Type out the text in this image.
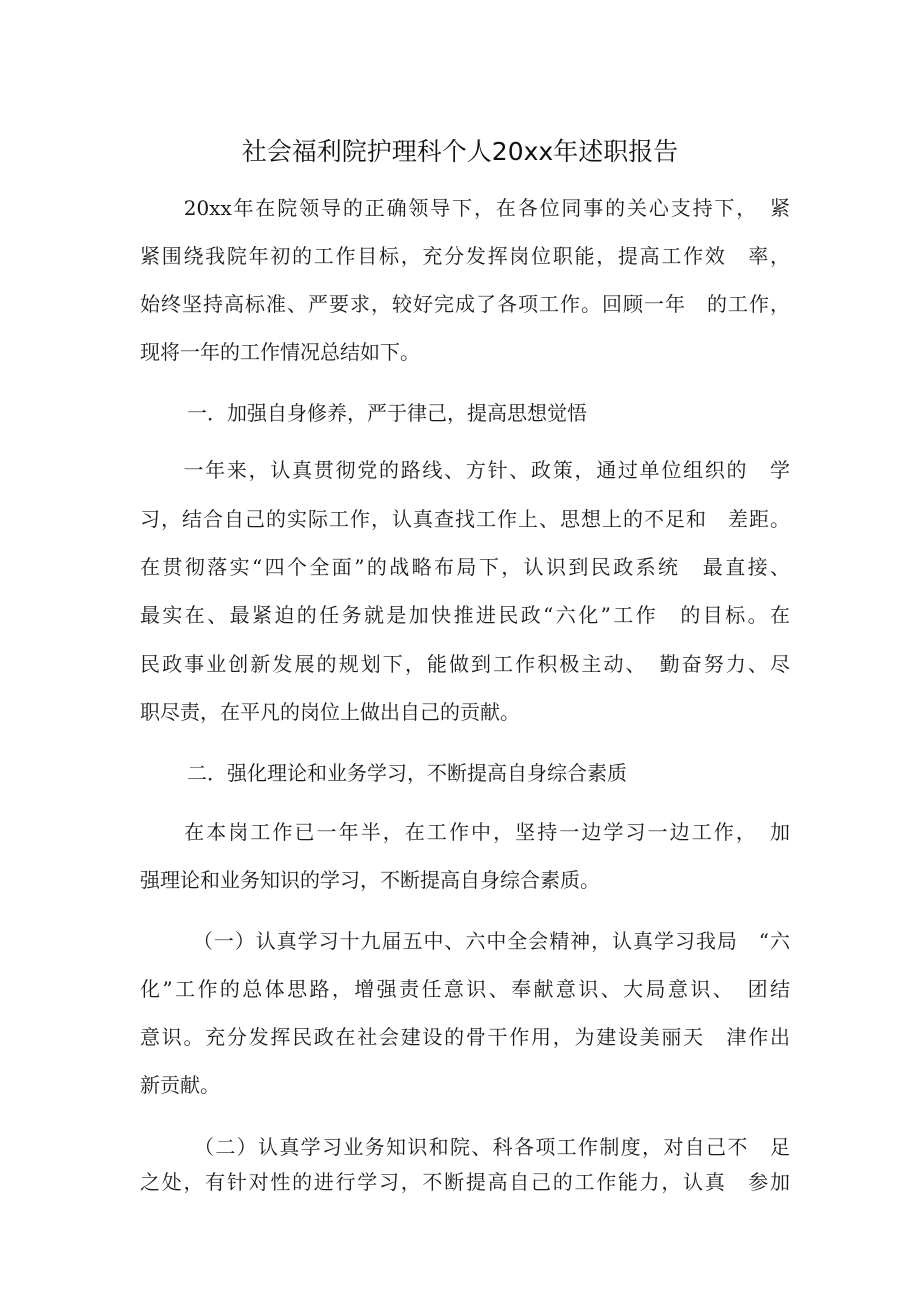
社会福利院护理科个人20xx年述职报告
　　20xx年在院领导的正确领导下，在各位同事的关心支持下，　紧
紧围绕我院年初的工作目标，充分发挥岗位职能，提高工作效　率，
始终坚持高标准、严要求，较好完成了各项工作。回顾一年　的工作，
现将一年的工作情况总结如下。
一．加强自身修养，严于律己，提高思想觉悟
　　一年来，认真贯彻党的路线、方针、政策，通过单位组织的　学
习，结合自己的实际工作，认真查找工作上、思想上的不足和　差距。
在贯彻落实“四个全面”的战略布局下，认识到民政系统　最直接、
最实在、最紧迫的任务就是加快推进民政“六化”工作　的目标。在
民政事业创新发展的规划下，能做到工作积极主动、　勤奋努力、尽
职尽责，在平凡的岗位上做出自己的贡献。
二．强化理论和业务学习，不断提高自身综合素质
　　在本岗工作已一年半，在工作中，坚持一边学习一边工作，　加
强理论和业务知识的学习，不断提高自身综合素质。
　　　（一）认真学习十九届五中、六中全会精神，认真学习我局　“六
化”工作的总体思路，增强责任意识、奉献意识、大局意识、　团结
意识。充分发挥民政在社会建设的骨干作用，为建设美丽天　津作出
新贡献。
　　　（二）认真学习业务知识和院、科各项工作制度，对自己不　足
之处，有针对性的进行学习，不断提高自己的工作能力，认真　参加
